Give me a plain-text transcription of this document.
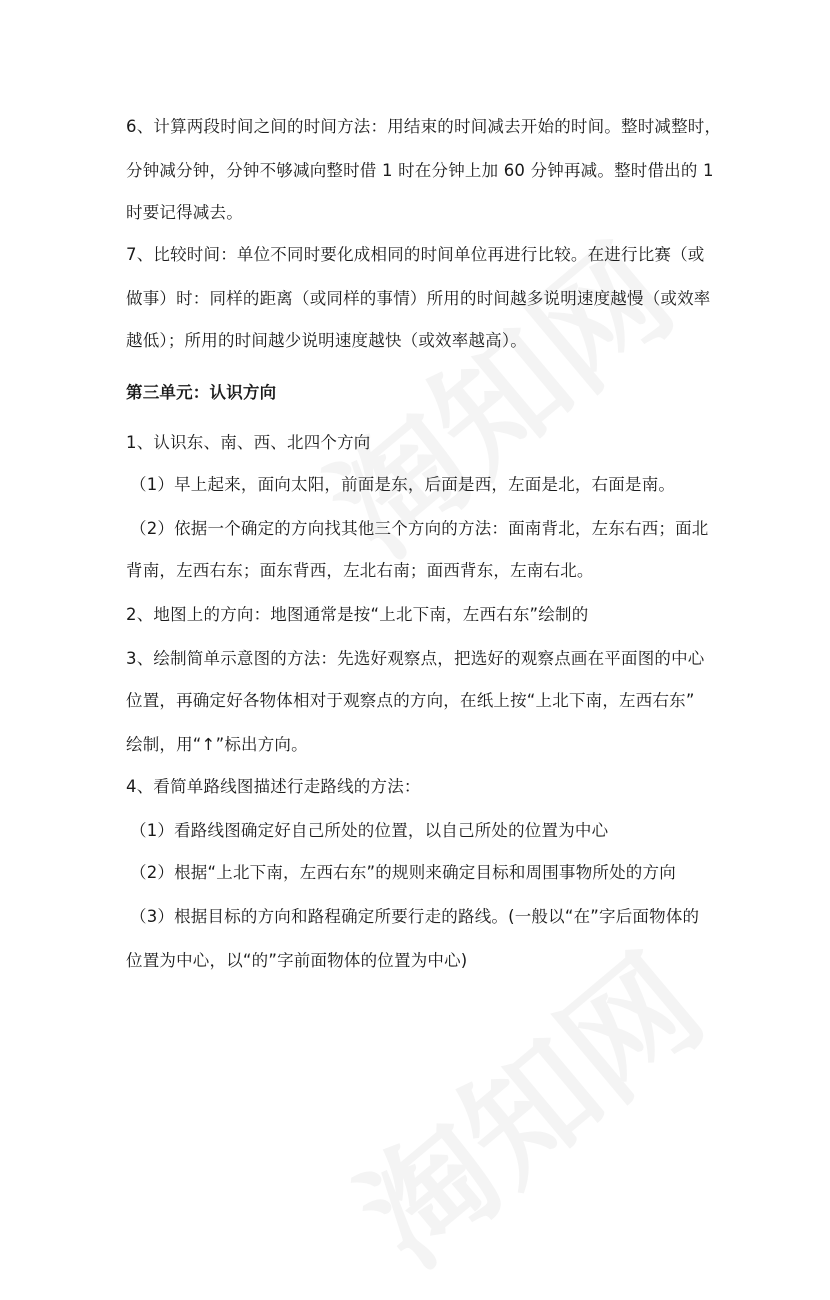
6、计算两段时间之间的时间方法：用结束的时间减去开始的时间。整时减整时，
分钟减分钟，分钟不够减向整时借 1 时在分钟上加 60 分钟再减。整时借出的 1
时要记得减去。
7、比较时间：单位不同时要化成相同的时间单位再进行比较。在进行比赛（或
做事）时：同样的距离（或同样的事情）所用的时间越多说明速度越慢（或效率
越低）；所用的时间越少说明速度越快（或效率越高）。
第三单元：认识方向
1、认识东、南、西、北四个方向
（1）早上起来，面向太阳，前面是东，后面是西，左面是北，右面是南。
（2）依据一个确定的方向找其他三个方向的方法：面南背北，左东右西；面北
背南，左西右东；面东背西，左北右南；面西背东，左南右北。
2、地图上的方向：地图通常是按“上北下南，左西右东”绘制的
3、绘制简单示意图的方法：先选好观察点，把选好的观察点画在平面图的中心
位置，再确定好各物体相对于观察点的方向，在纸上按“上北下南，左西右东”
绘制，用“↑”标出方向。
4、看简单路线图描述行走路线的方法：
（1）看路线图确定好自己所处的位置，以自己所处的位置为中心
（2）根据“上北下南，左西右东”的规则来确定目标和周围事物所处的方向
（3）根据目标的方向和路程确定所要行走的路线。(一般以“在”字后面物体的
位置为中心，以“的”字前面物体的位置为中心)
